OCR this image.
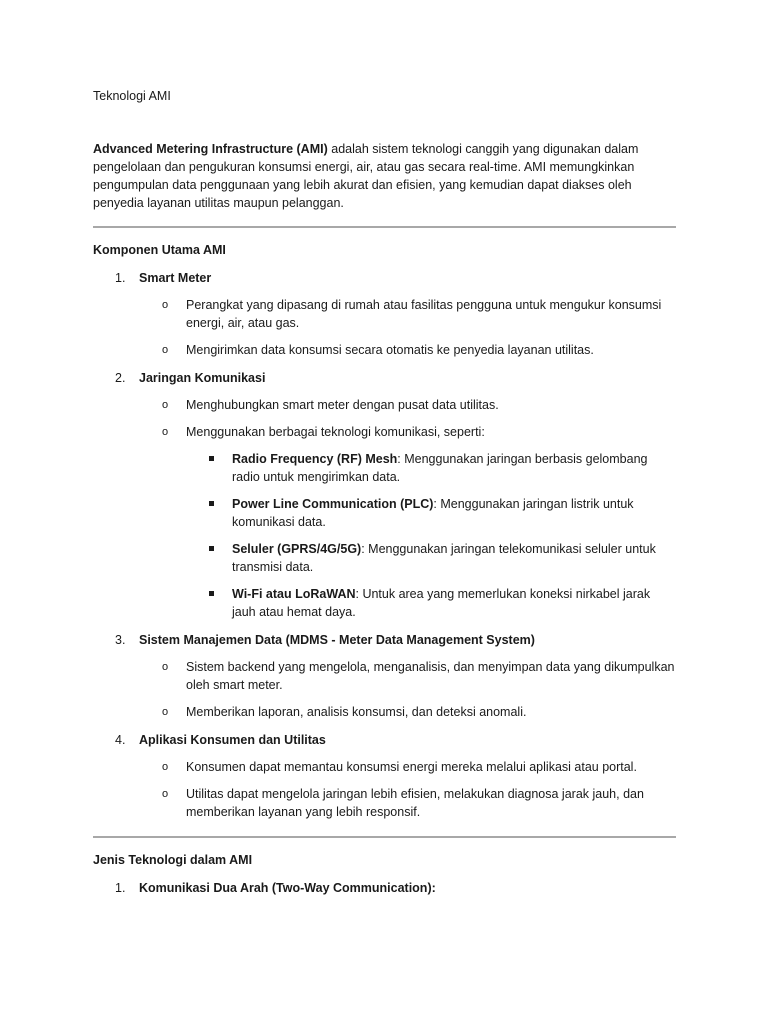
Teknologi AMI

Advanced Metering Infrastructure (AMI) adalah sistem teknologi canggih yang digunakan dalam pengelolaan dan pengukuran konsumsi energi, air, atau gas secara real-time. AMI memungkinkan pengumpulan data penggunaan yang lebih akurat dan efisien, yang kemudian dapat diakses oleh penyedia layanan utilitas maupun pelanggan.

Komponen Utama AMI

1. Smart Meter
o Perangkat yang dipasang di rumah atau fasilitas pengguna untuk mengukur konsumsi energi, air, atau gas.
o Mengirimkan data konsumsi secara otomatis ke penyedia layanan utilitas.
2. Jaringan Komunikasi
o Menghubungkan smart meter dengan pusat data utilitas.
o Menggunakan berbagai teknologi komunikasi, seperti:
Radio Frequency (RF) Mesh: Menggunakan jaringan berbasis gelombang radio untuk mengirimkan data.
Power Line Communication (PLC): Menggunakan jaringan listrik untuk komunikasi data.
Seluler (GPRS/4G/5G): Menggunakan jaringan telekomunikasi seluler untuk transmisi data.
Wi-Fi atau LoRaWAN: Untuk area yang memerlukan koneksi nirkabel jarak jauh atau hemat daya.
3. Sistem Manajemen Data (MDMS - Meter Data Management System)
o Sistem backend yang mengelola, menganalisis, dan menyimpan data yang dikumpulkan oleh smart meter.
o Memberikan laporan, analisis konsumsi, dan deteksi anomali.
4. Aplikasi Konsumen dan Utilitas
o Konsumen dapat memantau konsumsi energi mereka melalui aplikasi atau portal.
o Utilitas dapat mengelola jaringan lebih efisien, melakukan diagnosa jarak jauh, dan memberikan layanan yang lebih responsif.

Jenis Teknologi dalam AMI

1. Komunikasi Dua Arah (Two-Way Communication):
